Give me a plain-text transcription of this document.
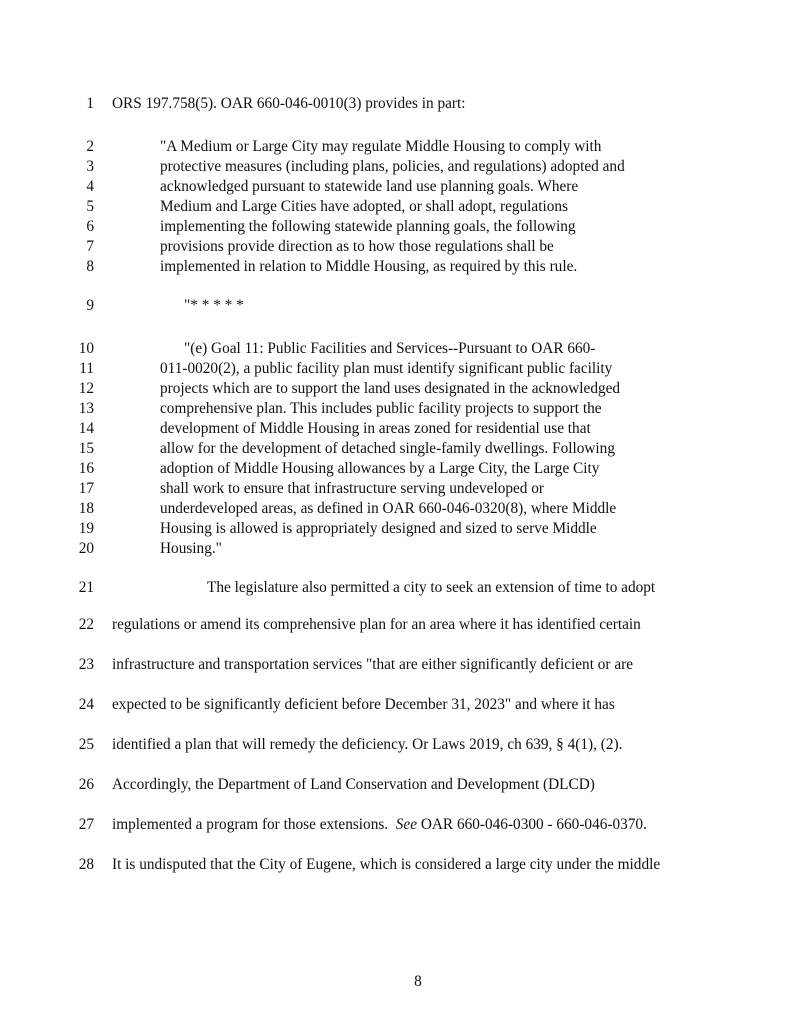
1 ORS 197.758(5). OAR 660-046-0010(3) provides in part:
2	"A Medium or Large City may regulate Middle Housing to comply with
3	protective measures (including plans, policies, and regulations) adopted and
4	acknowledged pursuant to statewide land use planning goals. Where
5	Medium and Large Cities have adopted, or shall adopt, regulations
6	implementing the following statewide planning goals, the following
7	provisions provide direction as to how those regulations shall be
8	implemented in relation to Middle Housing, as required by this rule.
9	"* * * * *
10	"(e) Goal 11: Public Facilities and Services--Pursuant to OAR 660-
11	011-0020(2), a public facility plan must identify significant public facility
12	projects which are to support the land uses designated in the acknowledged
13	comprehensive plan. This includes public facility projects to support the
14	development of Middle Housing in areas zoned for residential use that
15	allow for the development of detached single-family dwellings. Following
16	adoption of Middle Housing allowances by a Large City, the Large City
17	shall work to ensure that infrastructure serving undeveloped or
18	underdeveloped areas, as defined in OAR 660-046-0320(8), where Middle
19	Housing is allowed is appropriately designed and sized to serve Middle
20	Housing."
21	The legislature also permitted a city to seek an extension of time to adopt
22 regulations or amend its comprehensive plan for an area where it has identified certain
23 infrastructure and transportation services "that are either significantly deficient or are
24 expected to be significantly deficient before December 31, 2023" and where it has
25 identified a plan that will remedy the deficiency. Or Laws 2019, ch 639, § 4(1), (2).
26 Accordingly, the Department of Land Conservation and Development (DLCD)
27 implemented a program for those extensions.  See OAR 660-046-0300 - 660-046-0370.
28 It is undisputed that the City of Eugene, which is considered a large city under the middle
8
